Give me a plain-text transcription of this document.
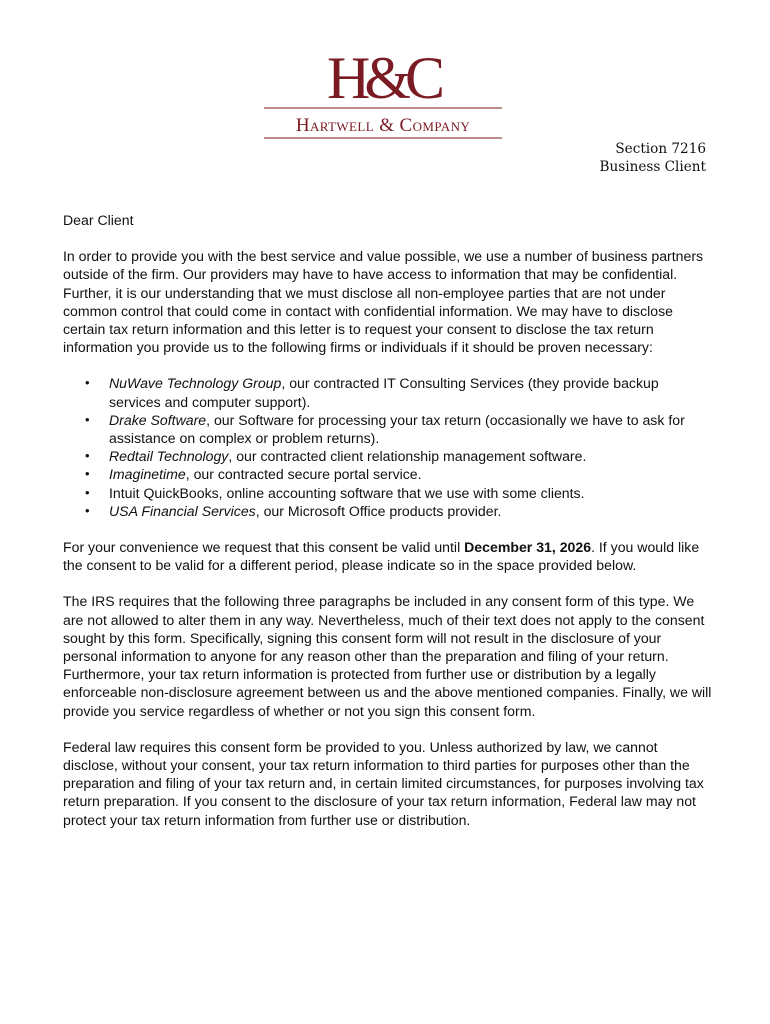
H&C
Hartwell & Company
Section 7216
Business Client

Dear Client

In order to provide you with the best service and value possible, we use a number of business partners outside of the firm. Our providers may have to have access to information that may be confidential. Further, it is our understanding that we must disclose all non-employee parties that are not under common control that could come in contact with confidential information. We may have to disclose certain tax return information and this letter is to request your consent to disclose the tax return information you provide us to the following firms or individuals if it should be proven necessary:

• NuWave Technology Group, our contracted IT Consulting Services (they provide backup services and computer support).
• Drake Software, our Software for processing your tax return (occasionally we have to ask for assistance on complex or problem returns).
• Redtail Technology, our contracted client relationship management software.
• Imaginetime, our contracted secure portal service.
• Intuit QuickBooks, online accounting software that we use with some clients.
• USA Financial Services, our Microsoft Office products provider.

For your convenience we request that this consent be valid until December 31, 2026. If you would like the consent to be valid for a different period, please indicate so in the space provided below.

The IRS requires that the following three paragraphs be included in any consent form of this type. We are not allowed to alter them in any way. Nevertheless, much of their text does not apply to the consent sought by this form. Specifically, signing this consent form will not result in the disclosure of your personal information to anyone for any reason other than the preparation and filing of your return. Furthermore, your tax return information is protected from further use or distribution by a legally enforceable non-disclosure agreement between us and the above mentioned companies. Finally, we will provide you service regardless of whether or not you sign this consent form.

Federal law requires this consent form be provided to you. Unless authorized by law, we cannot disclose, without your consent, your tax return information to third parties for purposes other than the preparation and filing of your tax return and, in certain limited circumstances, for purposes involving tax return preparation. If you consent to the disclosure of your tax return information, Federal law may not protect your tax return information from further use or distribution.
